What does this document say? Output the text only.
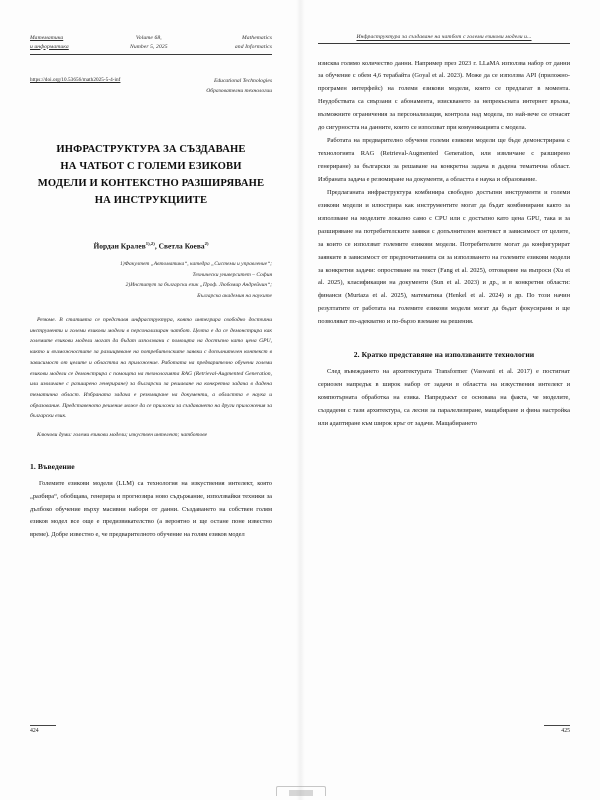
Математика
и информатика
Volume 68,
Number 5, 2025
Mathematics
and Informatics
https://doi.org/10.53656/math2025-5-4-inf	Educational Technologies
Образователни технологии
ИНФРАСТРУКТУРА ЗА СЪЗДАВАНЕ
НА ЧАТБОТ С ГОЛЕМИ ЕЗИКОВИ
МОДЕЛИ И КОНТЕКСТНО РАЗШИРЯВАНЕ
НА ИНСТРУКЦИИТЕ
Йордан Кралев$^{1),2)}$, Светла Коева$^{2)}$
1)Факултет „Автоматика“, катедра „Системи и управление“;
Технически университет – София
2)Институт за български език „Проф. Любомир Андрейчин“;
Българска академия на науките

Резюме. В статията се представя инфраструктура, която интегрира свободно достъпни инструменти и големи езикови модели в персонализиран чатбот. Целта е да се демонстрира как големите езикови модели могат да бъдат използвани с помощта на достъпно като цена GPU, както и възможностите за разширяване на потребителските заявки с допълнителен контекст в зависимост от целите и областта на приложение. Работата на предварително обучени големи езикови модели се демонстрира с помощта на технологията RAG (Retrieval-Augmented Generation, или извличане с разширено генериране) за български за решаване на конкретна задача в дадена тематична област. Избраната задача е резюмиране на документи, а областта е наука и образование. Представеното решение може да се приложи за създаването на други приложения за български език.

Ключови думи: големи езикови модели; изкуствен интелект; чатботове
1. Въведение

Големите езикови модели (LLM) са технология на изкуствения интелект, която „разбира“, обобщава, генерира и прогнозира ново съдържание, използвайки техники за дълбоко обучение върху масивни набори от данни. Създаването на собствен голям езиков модел все още е предизвикателство (а вероятно и ще остане поне известно време). Добре известно е, че предварителното обучение на голям езиков модел

424
Инфраструктура за създаване на чатбот с големи езикови модели и...

изисква голямо количество данни. Например през 2023 г. LLaMA използва набор от данни за обучение с обем 4,6 терабайта (Goyal et al. 2023). Може да се използва API (приложно-програмен интерфейс) на големи езикови модели, които се предлагат в момента. Неудобствата са свързани с абонамента, изискването за непрекъсната интернет връзка, възможните ограничения за персонализация, контрола над модела, по най-вече се отнасят до сигурността на данните, които се използват при комуникацията с модела.

Работата на предварително обучени големи езикови модели ще бъде демонстрирана с технологията RAG (Retrieval-Augmented Generation, или извличане с разширено генериране) за български за решаване на конкретна задача в дадена тематична област. Избраната задача е резюмиране на документи, а областта е наука и образование.

Предлаганата инфраструктура комбинира свободно достъпни инструменти и големи езикови модели и илюстрира как инструментите могат да бъдат комбинирани както за използване на моделите локално само с CPU или с достъпно като цена GPU, така и за разширяване на потребителските заявки с допълнителен контекст в зависимост от целите, за които се използват големите езикови модели. Потребителите могат да конфигурират заявките в зависимост от предпочитанията си за използването на големите езикови модели за конкретни задачи: опростяване на текст (Fang et al. 2025), отговаряне на въпроси (Xu et al. 2025), класификация на документи (Sun et al. 2023) и др., и в конкретни области: финанси (Murtaza et al. 2025), математика (Henkel et al. 2024) и др. По този начин резултатите от работата на големите езикови модели могат да бъдат фокусирани и ще позволяват по-адекватно и по-бързо вземане на решения.

2. Кратко представяне на използваните технологии

След въвеждането на архитектурата Transformer (Vaswani et al. 2017) е постигнат сериозен напредък в широк набор от задачи в областта на изкуствения интелект и компютърната обработка на езика. Напредъкът се основава на факта, че моделите, създадени с тази архитектура, са лесни за паралелизиране, мащабиране и фина настройка или адаптиране към широк кръг от задачи. Мащабирането

425
